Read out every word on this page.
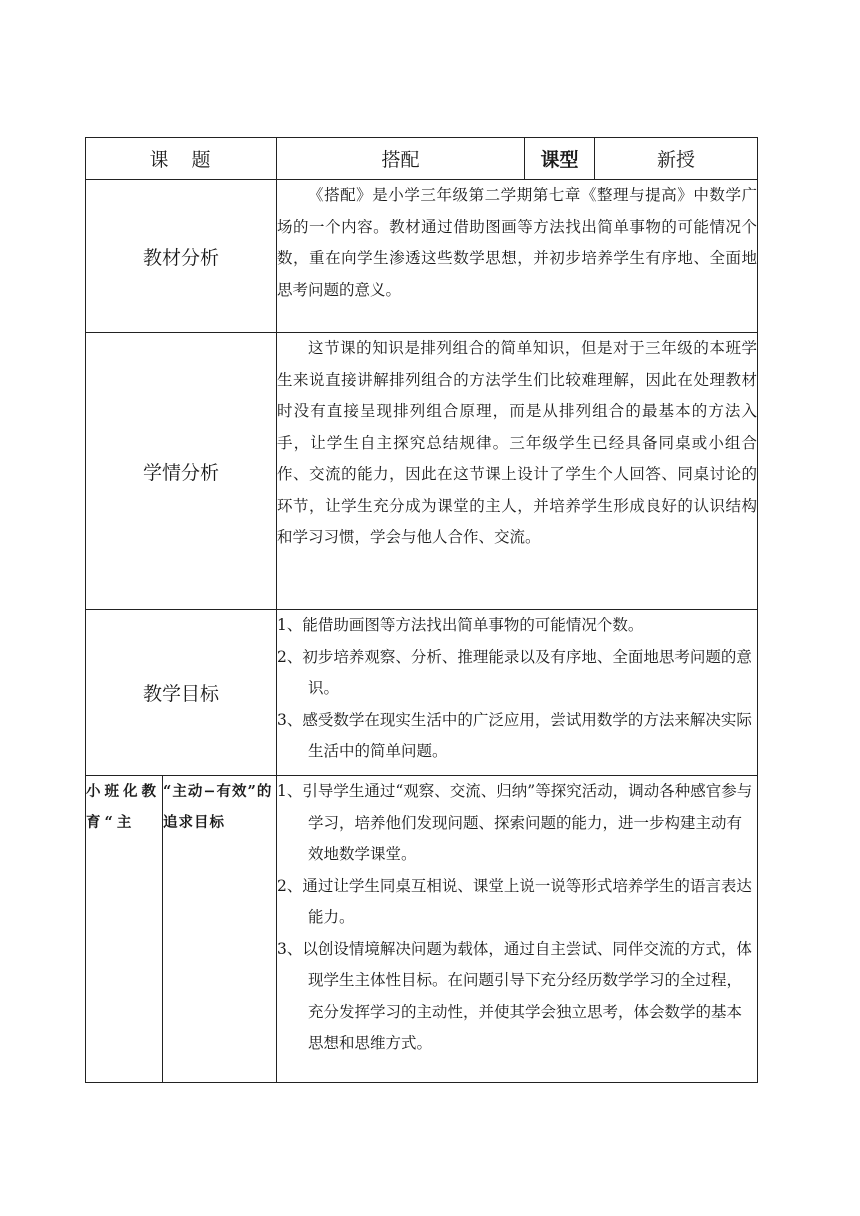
课　题		搭配	课型	新授
教材分析		《搭配》是小学三年级第二学期第七章《整理与提高》中数学广场的一个内容。教材通过借助图画等方法找出简单事物的可能情况个数，重在向学生渗透这些数学思想，并初步培养学生有序地、全面地思考问题的意义。		

学情分析		这节课的知识是排列组合的简单知识，但是对于三年级的本班学生来说直接讲解排列组合的方法学生们比较难理解，因此在处理教材时没有直接呈现排列组合原理，而是从排列组合的最基本的方法入手，让学生自主探究总结规律。三年级学生已经具备同桌或小组合作、交流的能力，因此在这节课上设计了学生个人回答、同桌讨论的环节，让学生充分成为课堂的主人，并培养学生形成良好的认识结构和学习习惯，学会与他人合作、交流。		

教学目标		1、能借助画图等方法找出简单事物的可能情况个数。

2、初步培养观察、分析、推理能录以及有序地、全面地思考问题的意识。

3、感受数学在现实生活中的广泛应用，尝试用数学的方法来解决实际生活中的简单问题。		

小班化教育“主	“主动−有效”的追求目标	1、引导学生通过“观察、交流、归纳”等探究活动，调动各种感官参与学习，培养他们发现问题、探索问题的能力，进一步构建主动有效地数学课堂。

2、通过让学生同桌互相说、课堂上说一说等形式培养学生的语言表达能力。

3、以创设情境解决问题为载体，通过自主尝试、同伴交流的方式，体现学生主体性目标。在问题引导下充分经历数学学习的全过程，充分发挥学习的主动性，并使其学会独立思考，体会数学的基本思想和思维方式。		
